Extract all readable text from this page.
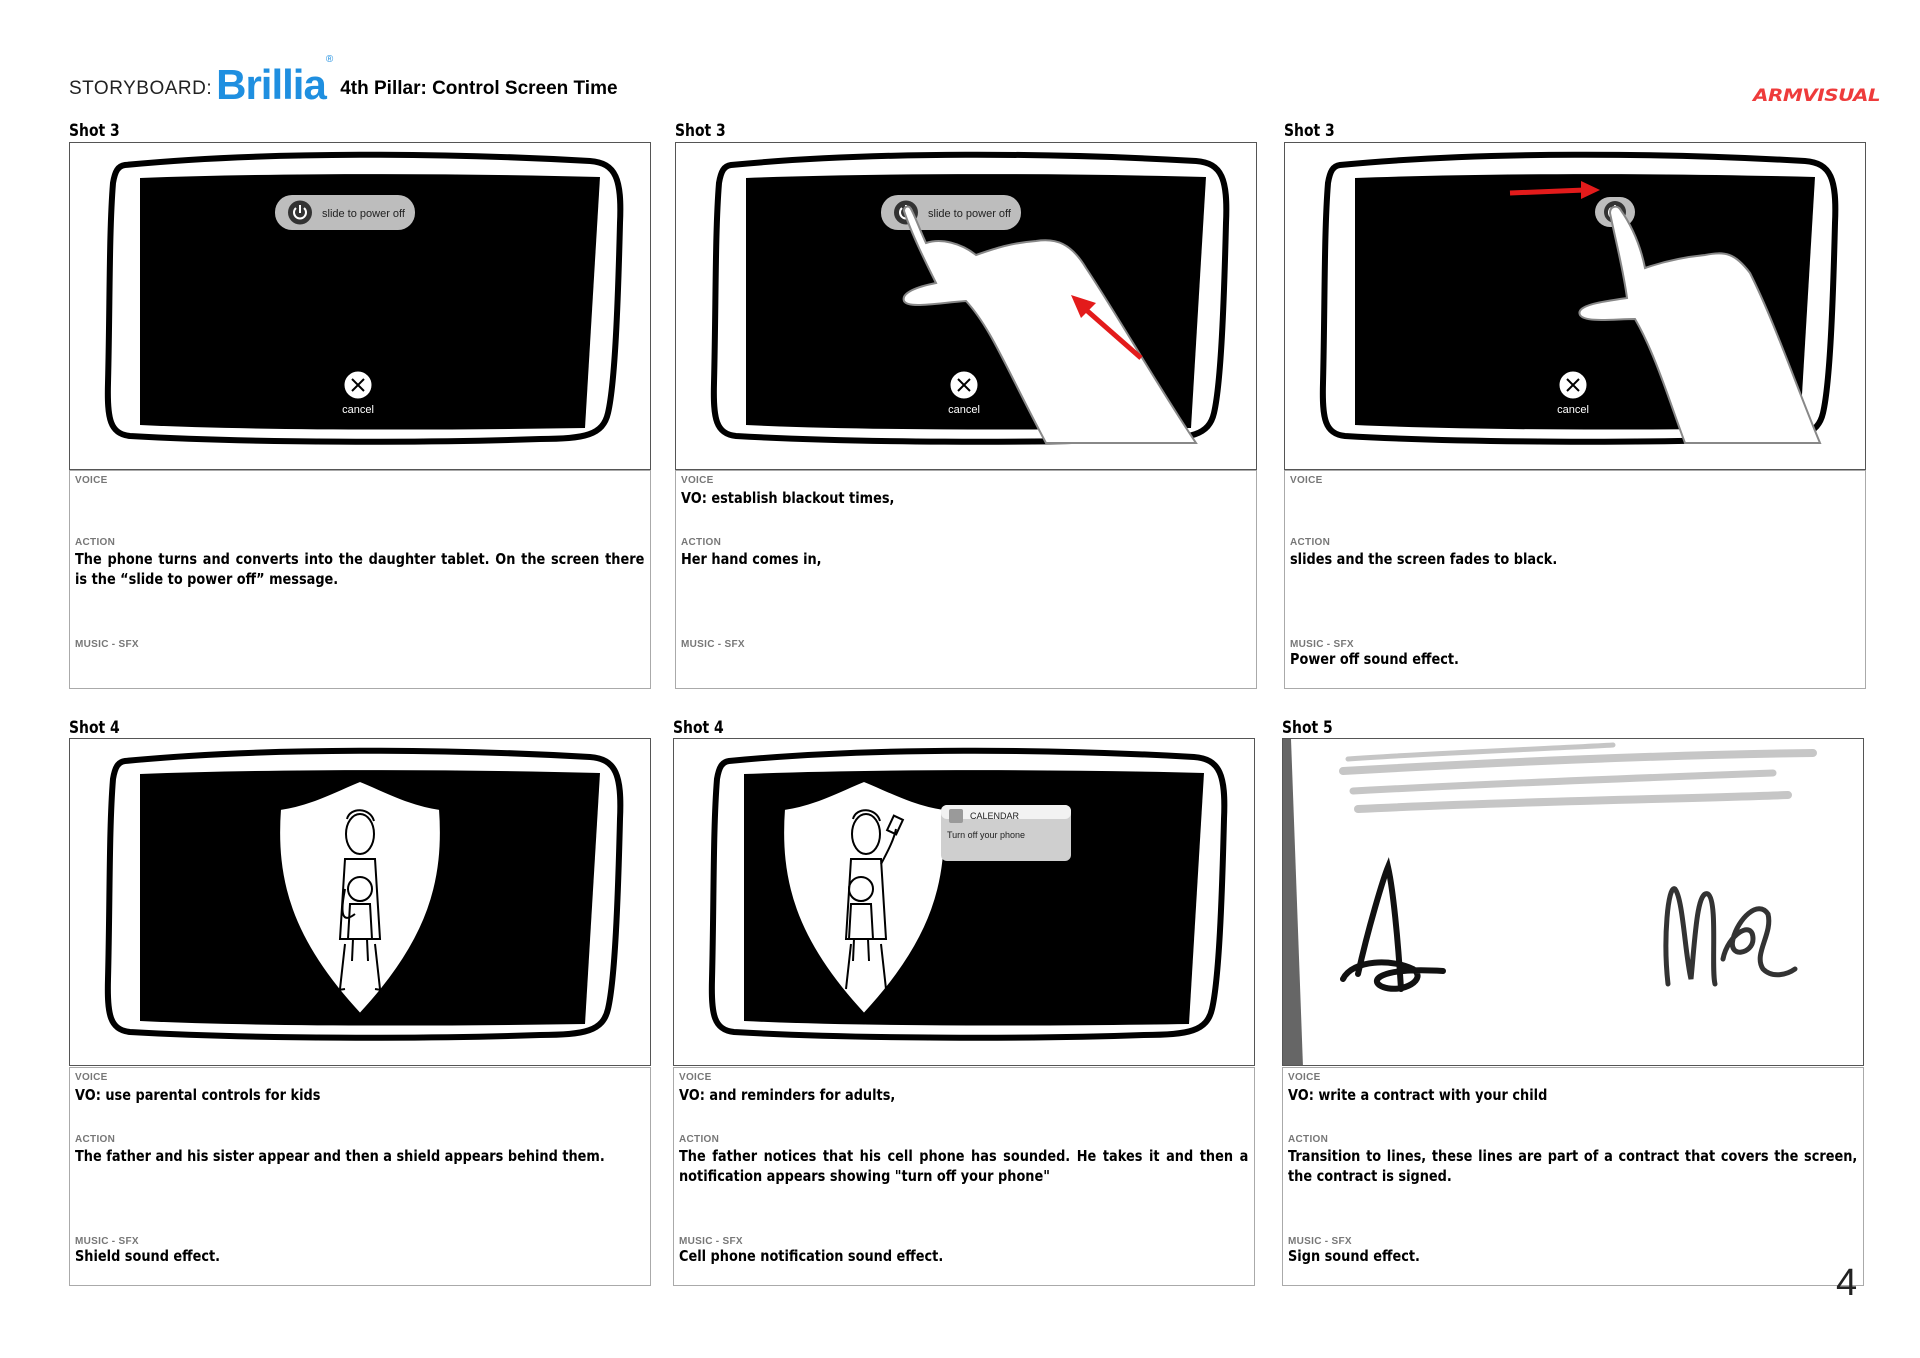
STORYBOARD: Brillia®
4th Pillar: Control Screen Time	ARMVISUAL
Shot 3
slide to power off
cancel
VOICE
ACTION
The phone turns and converts into the daughter tablet. On the screen there is the “slide to power off” message.
MUSIC - SFX
Shot 3
slide to power off
cancel
VOICE
VO: establish blackout times,
ACTION
Her hand comes in,
MUSIC - SFX
Shot 3
cancel
VOICE
ACTION
slides and the screen fades to black.
MUSIC - SFX
Power off sound effect.
Shot 4
VOICE
VO: use parental controls for kids
ACTION
The father and his sister appear and then a shield appears behind them.
MUSIC - SFX
Shield sound effect.
Shot 4
CALENDAR
Turn off your phone
VOICE
VO: and reminders for adults,
ACTION
The father notices that his cell phone has sounded. He takes it and then a notification appears showing "turn off your phone"
MUSIC - SFX
Cell phone notification sound effect.
Shot 5
VOICE
VO: write a contract with your child
ACTION
Transition to lines, these lines are part of a contract that covers the screen, the contract is signed.
MUSIC - SFX
Sign sound effect.
4
